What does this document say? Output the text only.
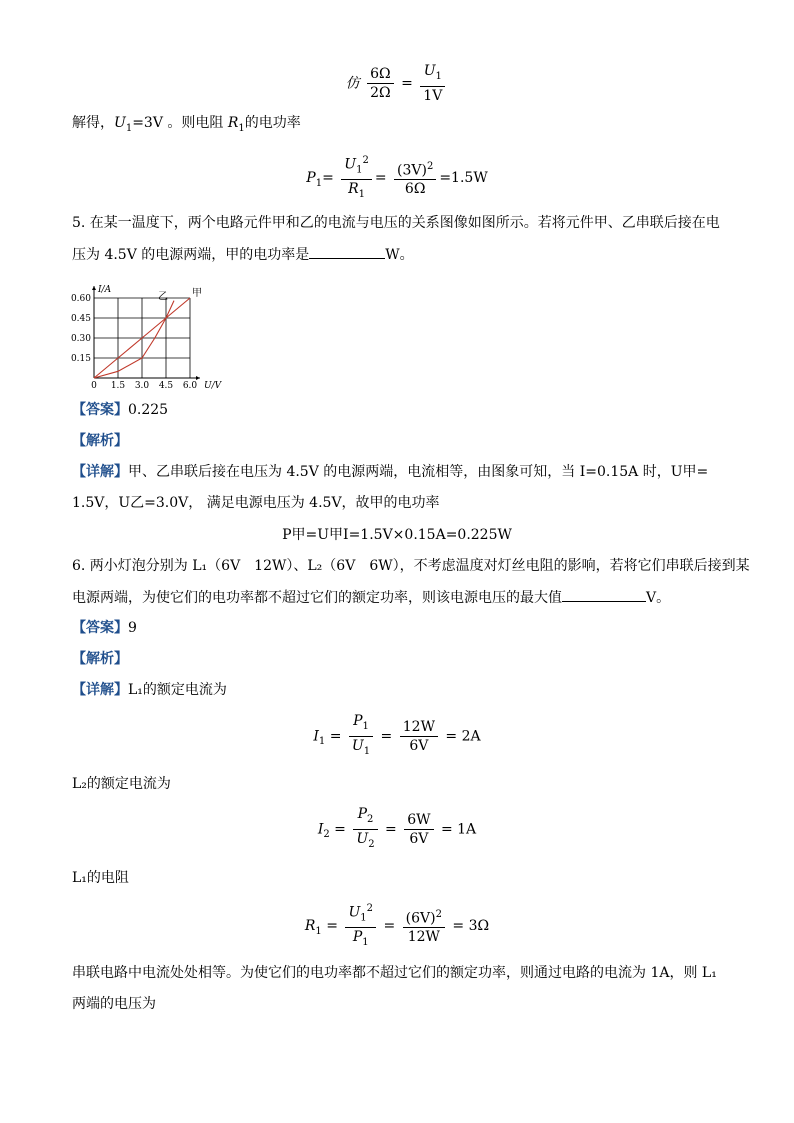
仿 $\frac{6\Omega}{2\Omega} = \frac{U_1}{1V}$
解得，$U_1=3V$ 。则电阻 $R_1$的电功率
$P_1= \frac{U_1^2}{R_1} = \frac{(3V)^2}{6\Omega} =1.5W$
5. 在某一温度下，两个电路元件甲和乙的电流与电压的关系图像如图所示。若将元件甲、乙串联后接在电
压为 4.5V 的电源两端，甲的电功率是	W。
0 1.5 3.0 4.5 6.0
0.15
0.30
0.45
0.60
U/V
I/A	甲
乙
【答案】0.225
【解析】
【详解】甲、乙串联后接在电压为 4.5V 的电源两端，电流相等，由图象可知，当 I=0.15A 时，U甲=
1.5V，U乙=3.0V， 满足电源电压为 4.5V，故甲的电功率
P甲=U甲I=1.5V×0.15A=0.225W
6. 两小灯泡分别为 L₁（6V　12W）、L₂（6V　6W），不考虑温度对灯丝电阻的影响，若将它们串联后接到某
电源两端，为使它们的电功率都不超过它们的额定功率，则该电源电压的最大值	V。
【答案】9
【解析】
【详解】L₁的额定电流为
$I_1 = \frac{P_1}{U_1} = \frac{12W}{6V} = 2A$
L₂的额定电流为
$I_2 = \frac{P_2}{U_2} = \frac{6W}{6V} = 1A$
L₁的电阻
$R_1 = \frac{U_1^2}{P_1} = \frac{(6V)^2}{12W} = 3\Omega$
串联电路中电流处处相等。为使它们的电功率都不超过它们的额定功率，则通过电路的电流为 1A，则 L₁
两端的电压为
